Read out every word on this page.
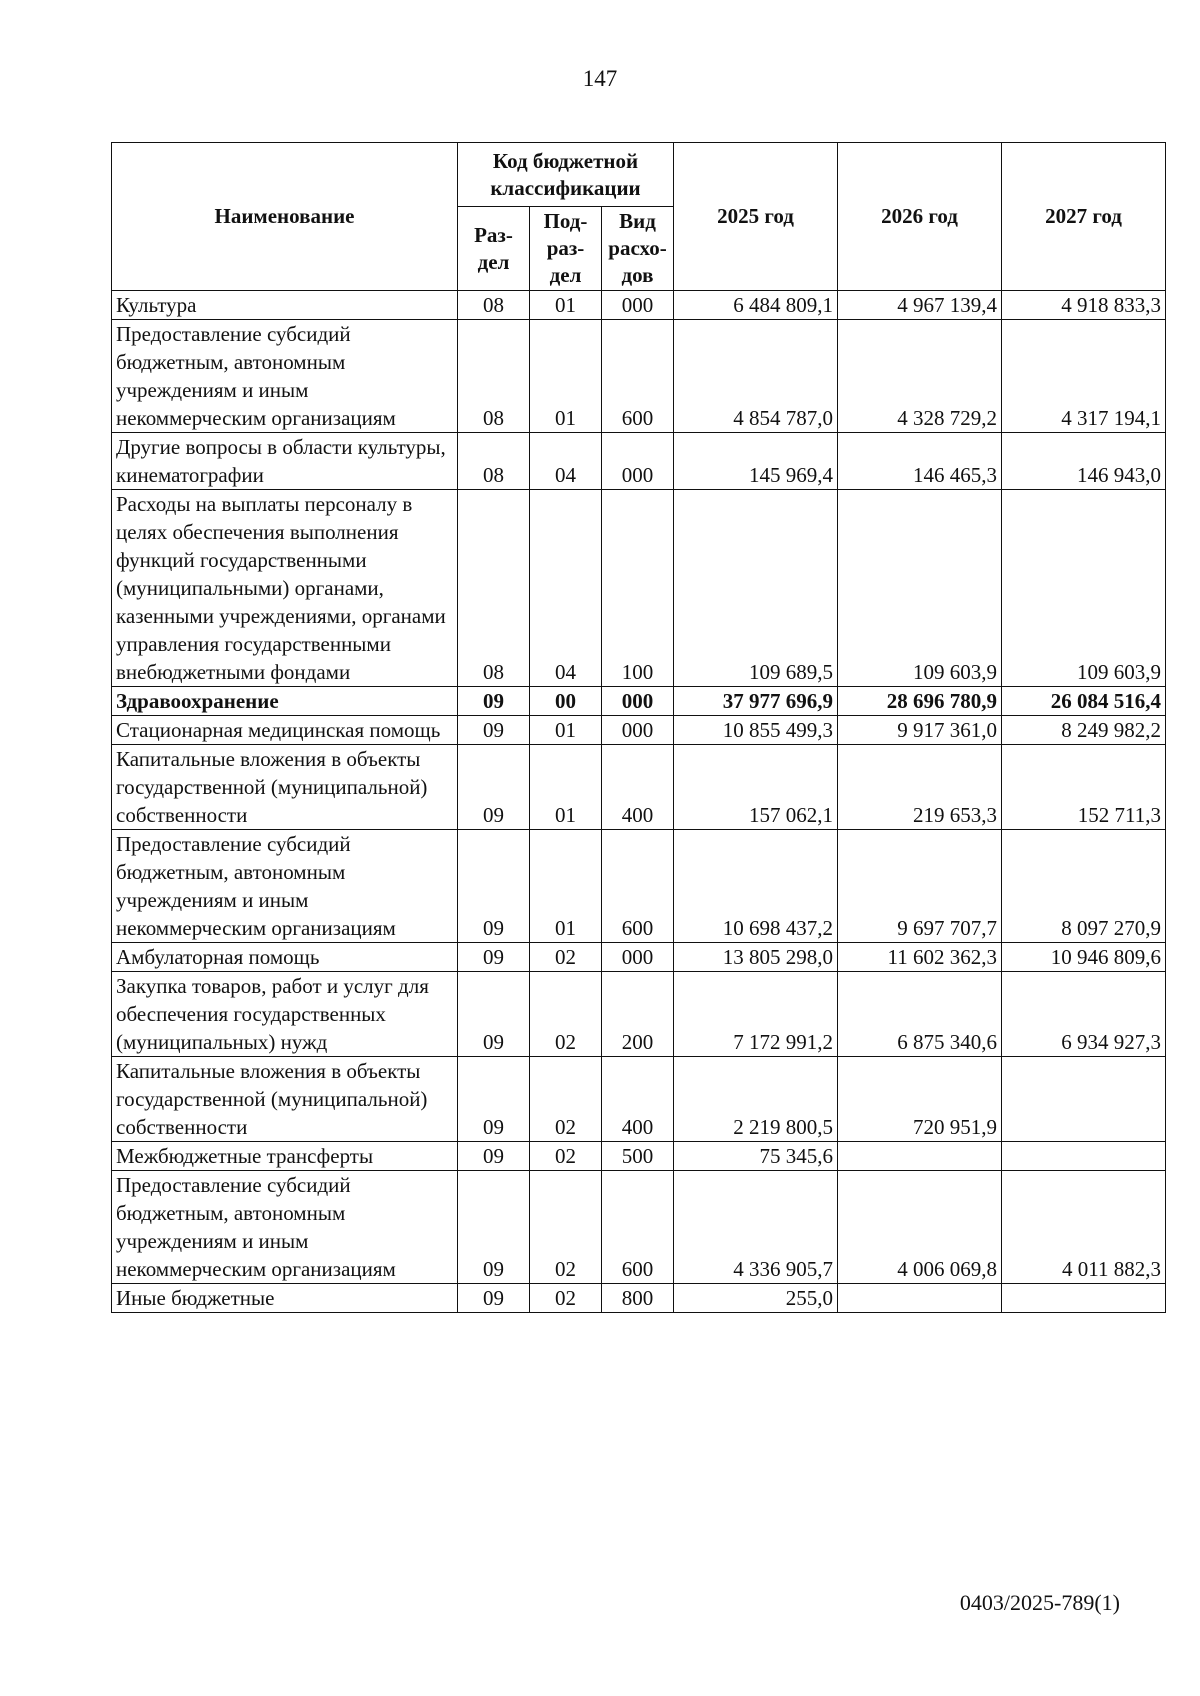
147
Наименование	Код бюджетной классификации			2025 год	2026 год	2027 год
	Раз-дел	Под-раз-дел	Вид расхо-дов			
Культура	08	01	000	6 484 809,1	4 967 139,4	4 918 833,3
Предоставление субсидий бюджетным, автономным учреждениям и иным некоммерческим организациям	08	01	600	4 854 787,0	4 328 729,2	4 317 194,1
Другие вопросы в области культуры, кинематографии	08	04	000	145 969,4	146 465,3	146 943,0
Расходы на выплаты персоналу в целях обеспечения выполнения функций государственными (муниципальными) органами, казенными учреждениями, органами управления государственными внебюджетными фондами	08	04	100	109 689,5	109 603,9	109 603,9
Здравоохранение	09	00	000	37 977 696,9	28 696 780,9	26 084 516,4
Стационарная медицинская помощь	09	01	000	10 855 499,3	9 917 361,0	8 249 982,2
Капитальные вложения в объекты государственной (муниципальной) собственности	09	01	400	157 062,1	219 653,3	152 711,3
Предоставление субсидий бюджетным, автономным учреждениям и иным некоммерческим организациям	09	01	600	10 698 437,2	9 697 707,7	8 097 270,9
Амбулаторная помощь	09	02	000	13 805 298,0	11 602 362,3	10 946 809,6
Закупка товаров, работ и услуг для обеспечения государственных (муниципальных) нужд	09	02	200	7 172 991,2	6 875 340,6	6 934 927,3
Капитальные вложения в объекты государственной (муниципальной) собственности	09	02	400	2 219 800,5	720 951,9	
Межбюджетные трансферты	09	02	500	75 345,6		
Предоставление субсидий бюджетным, автономным учреждениям и иным некоммерческим организациям	09	02	600	4 336 905,7	4 006 069,8	4 011 882,3
Иные бюджетные	09	02	800	255,0		
0403/2025-789(1)
